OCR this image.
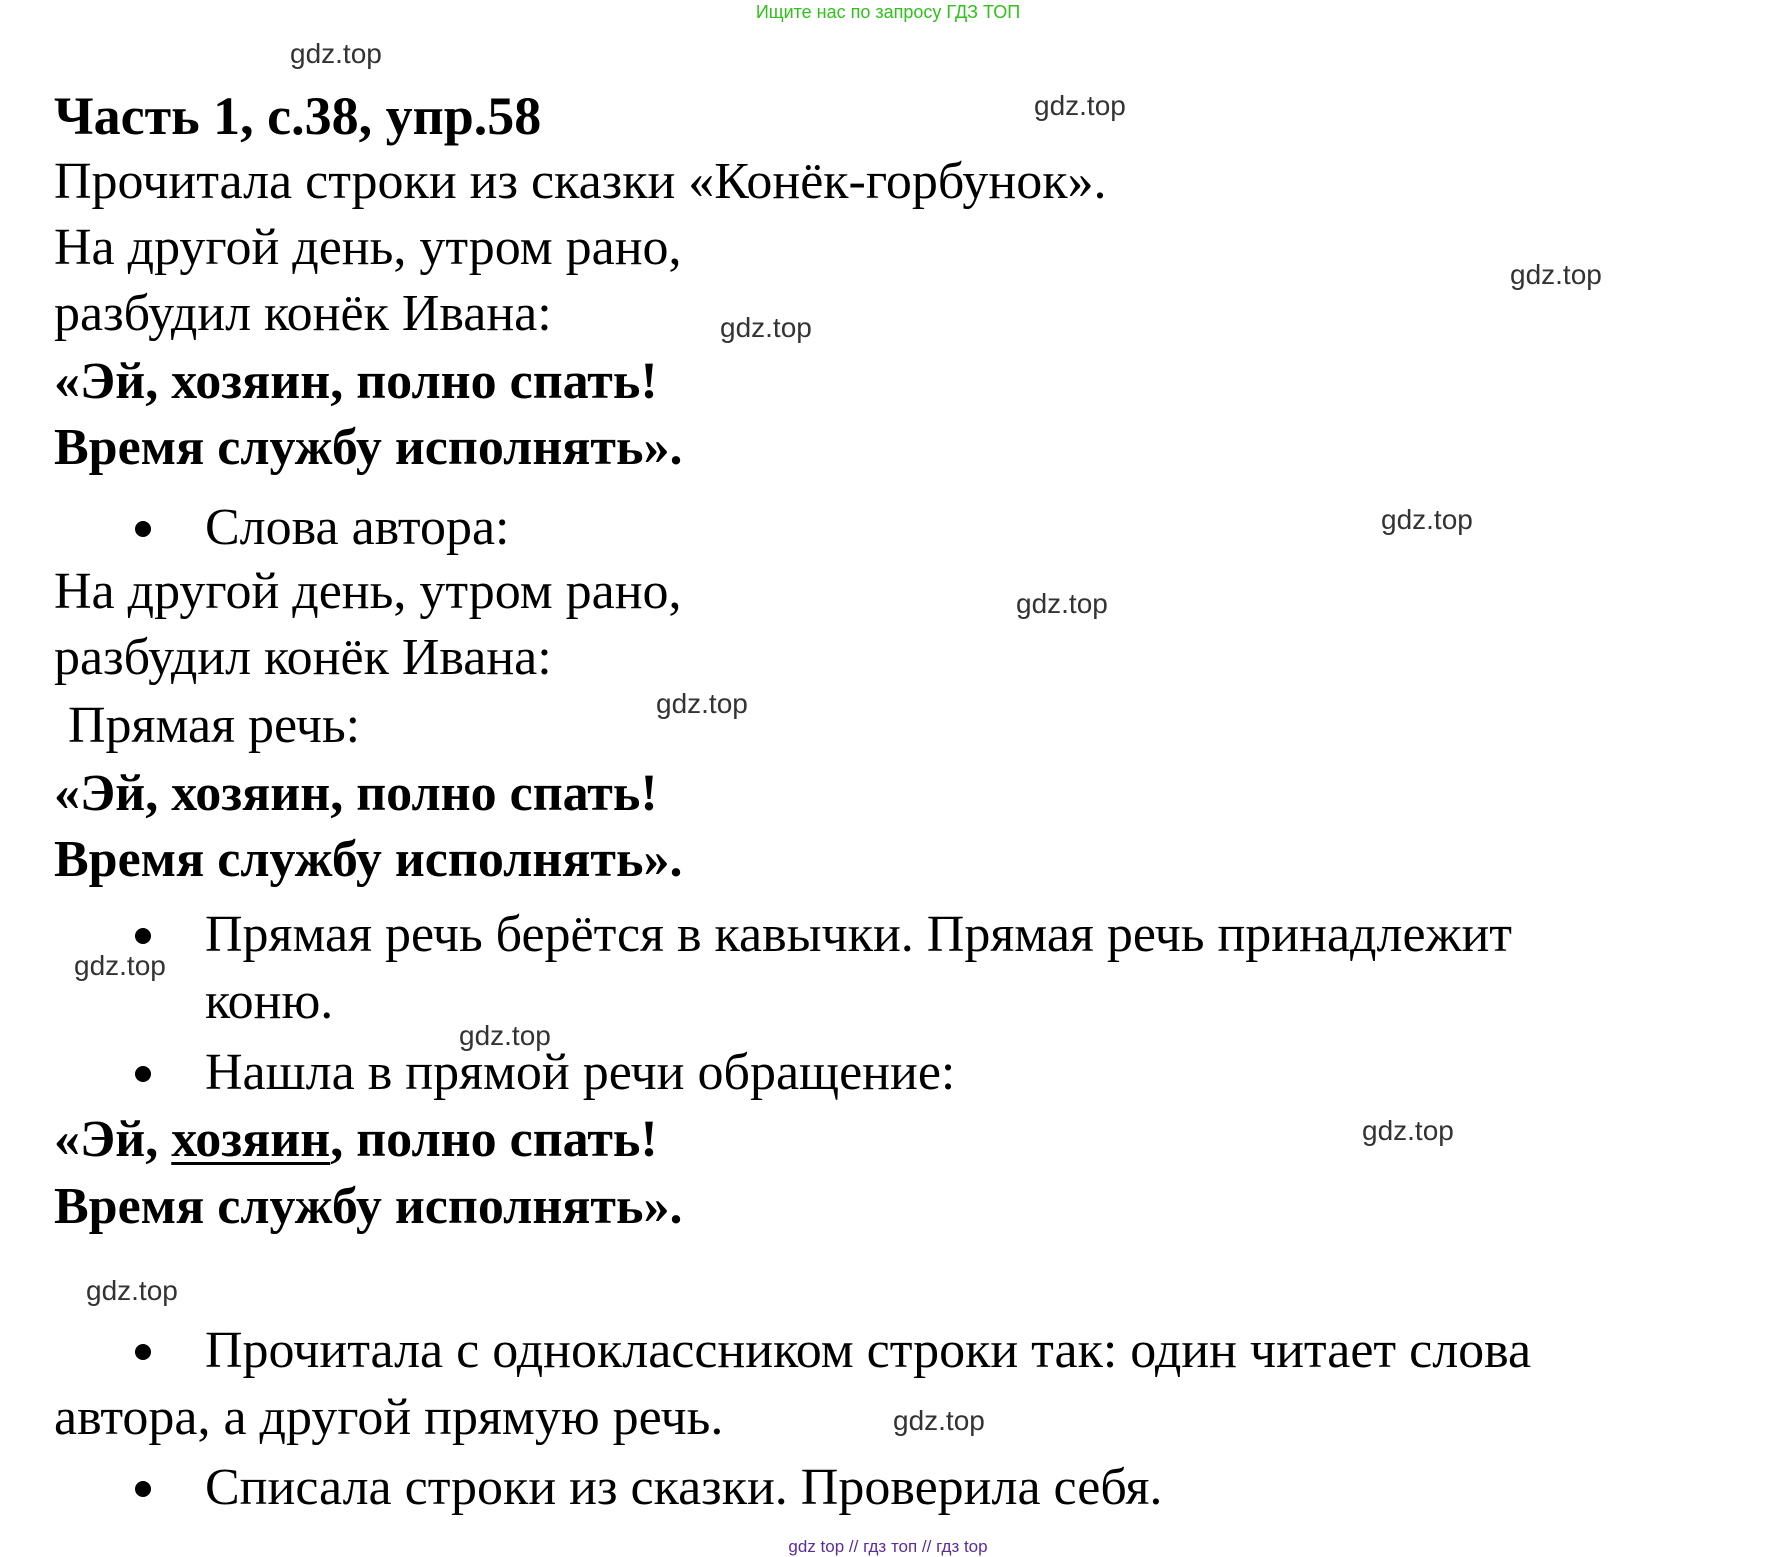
Ищите нас по запросу ГДЗ ТОП

Часть 1, с.38, упр.58

Прочитала строки из сказки «Конёк-горбунок».

На другой день, утром рано,

разбудил конёк Ивана:

«Эй, хозяин, полно спать!

Время службу исполнять».

Слова автора:

На другой день, утром рано,

разбудил конёк Ивана:

Прямая речь:

«Эй, хозяин, полно спать!

Время службу исполнять».

Прямая речь берётся в кавычки. Прямая речь принадлежит

коню.

Нашла в прямой речи обращение:

«Эй, хозяин, полно спать!

Время службу исполнять».

Прочитала с одноклассником строки так: один читает слова

автора, а другой прямую речь.

Списала строки из сказки. Проверила себя.

gdz.top
gdz.top
gdz.top
gdz.top
gdz.top
gdz.top
gdz.top
gdz.top
gdz.top
gdz.top
gdz.top
gdz.top
gdz top // гдз топ // гдз top
